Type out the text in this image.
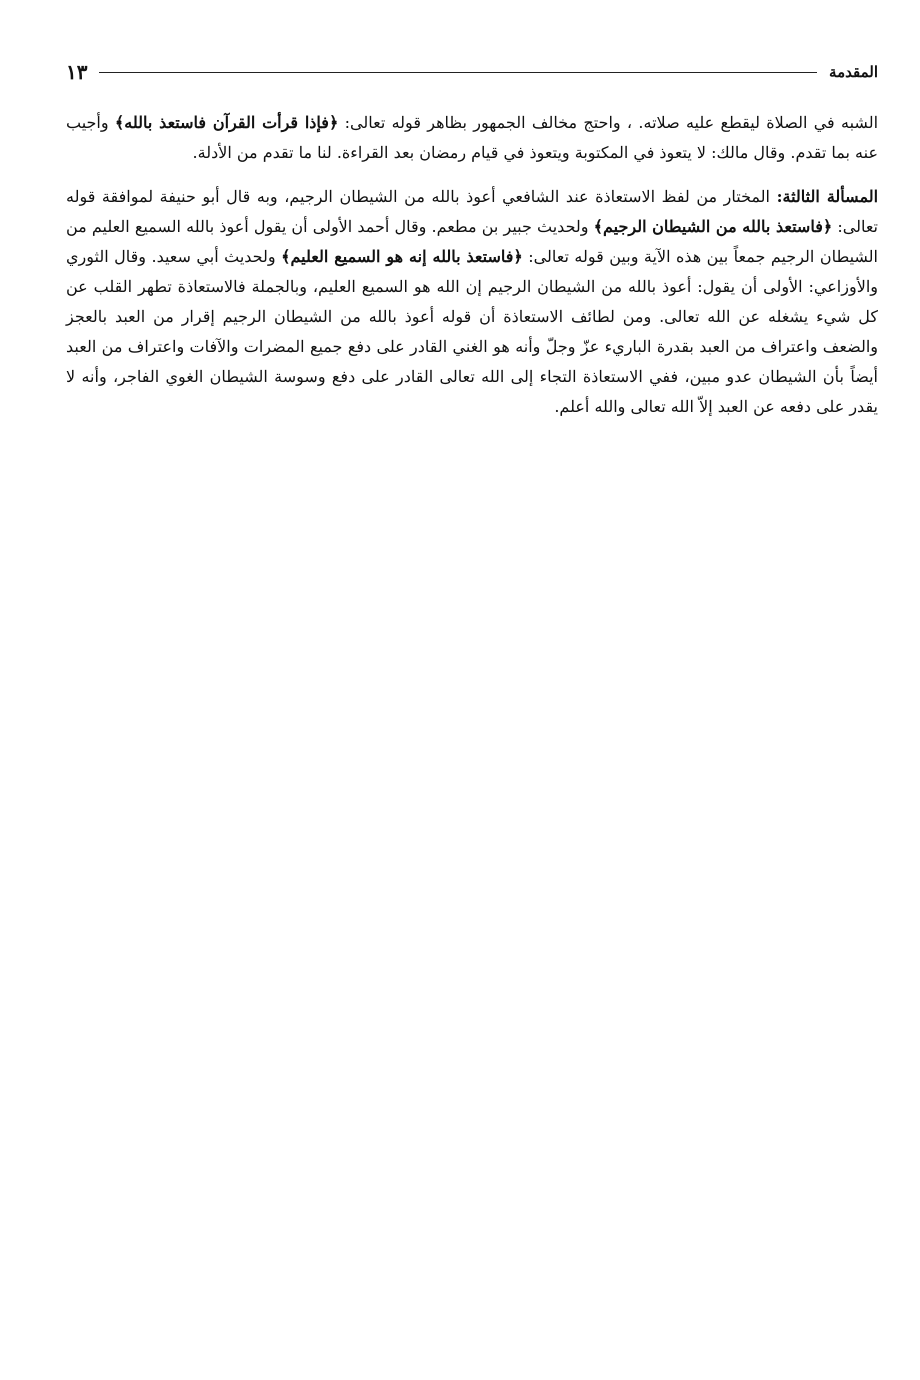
المقدمة
١٣

الشبه في الصلاة ليقطع عليه صلاته. ، واحتج مخالف الجمهور بظاهر قوله تعالى: ﴿فإذا قرأت القرآن فاستعذ بالله﴾ وأجيب عنه بما تقدم. وقال مالك: لا يتعوذ في المكتوبة ويتعوذ في قيام رمضان بعد القراءة. لنا ما تقدم من الأدلة.

المسألة الثالثة: المختار من لفظ الاستعاذة عند الشافعي أعوذ بالله من الشيطان الرجيم، وبه قال أبو حنيفة لموافقة قوله تعالى: ﴿فاستعذ بالله من الشيطان الرجيم﴾ ولحديث جبير بن مطعم. وقال أحمد الأولى أن يقول أعوذ بالله السميع العليم من الشيطان الرجيم جمعاً بين هذه الآية وبين قوله تعالى: ﴿فاستعذ بالله إنه هو السميع العليم﴾ ولحديث أبي سعيد. وقال الثوري والأوزاعي: الأولى أن يقول: أعوذ بالله من الشيطان الرجيم إن الله هو السميع العليم، وبالجملة فالاستعاذة تطهر القلب عن كل شيء يشغله عن الله تعالى. ومن لطائف الاستعاذة أن قوله أعوذ بالله من الشيطان الرجيم إقرار من العبد بالعجز والضعف واعتراف من العبد بقدرة الباريء عزّ وجلّ وأنه هو الغني القادر على دفع جميع المضرات والآفات واعتراف من العبد أيضاً بأن الشيطان عدو مبين، ففي الاستعاذة التجاء إلى الله تعالى القادر على دفع وسوسة الشيطان الغوي الفاجر، وأنه لا يقدر على دفعه عن العبد إلاّ الله تعالى والله أعلم.
